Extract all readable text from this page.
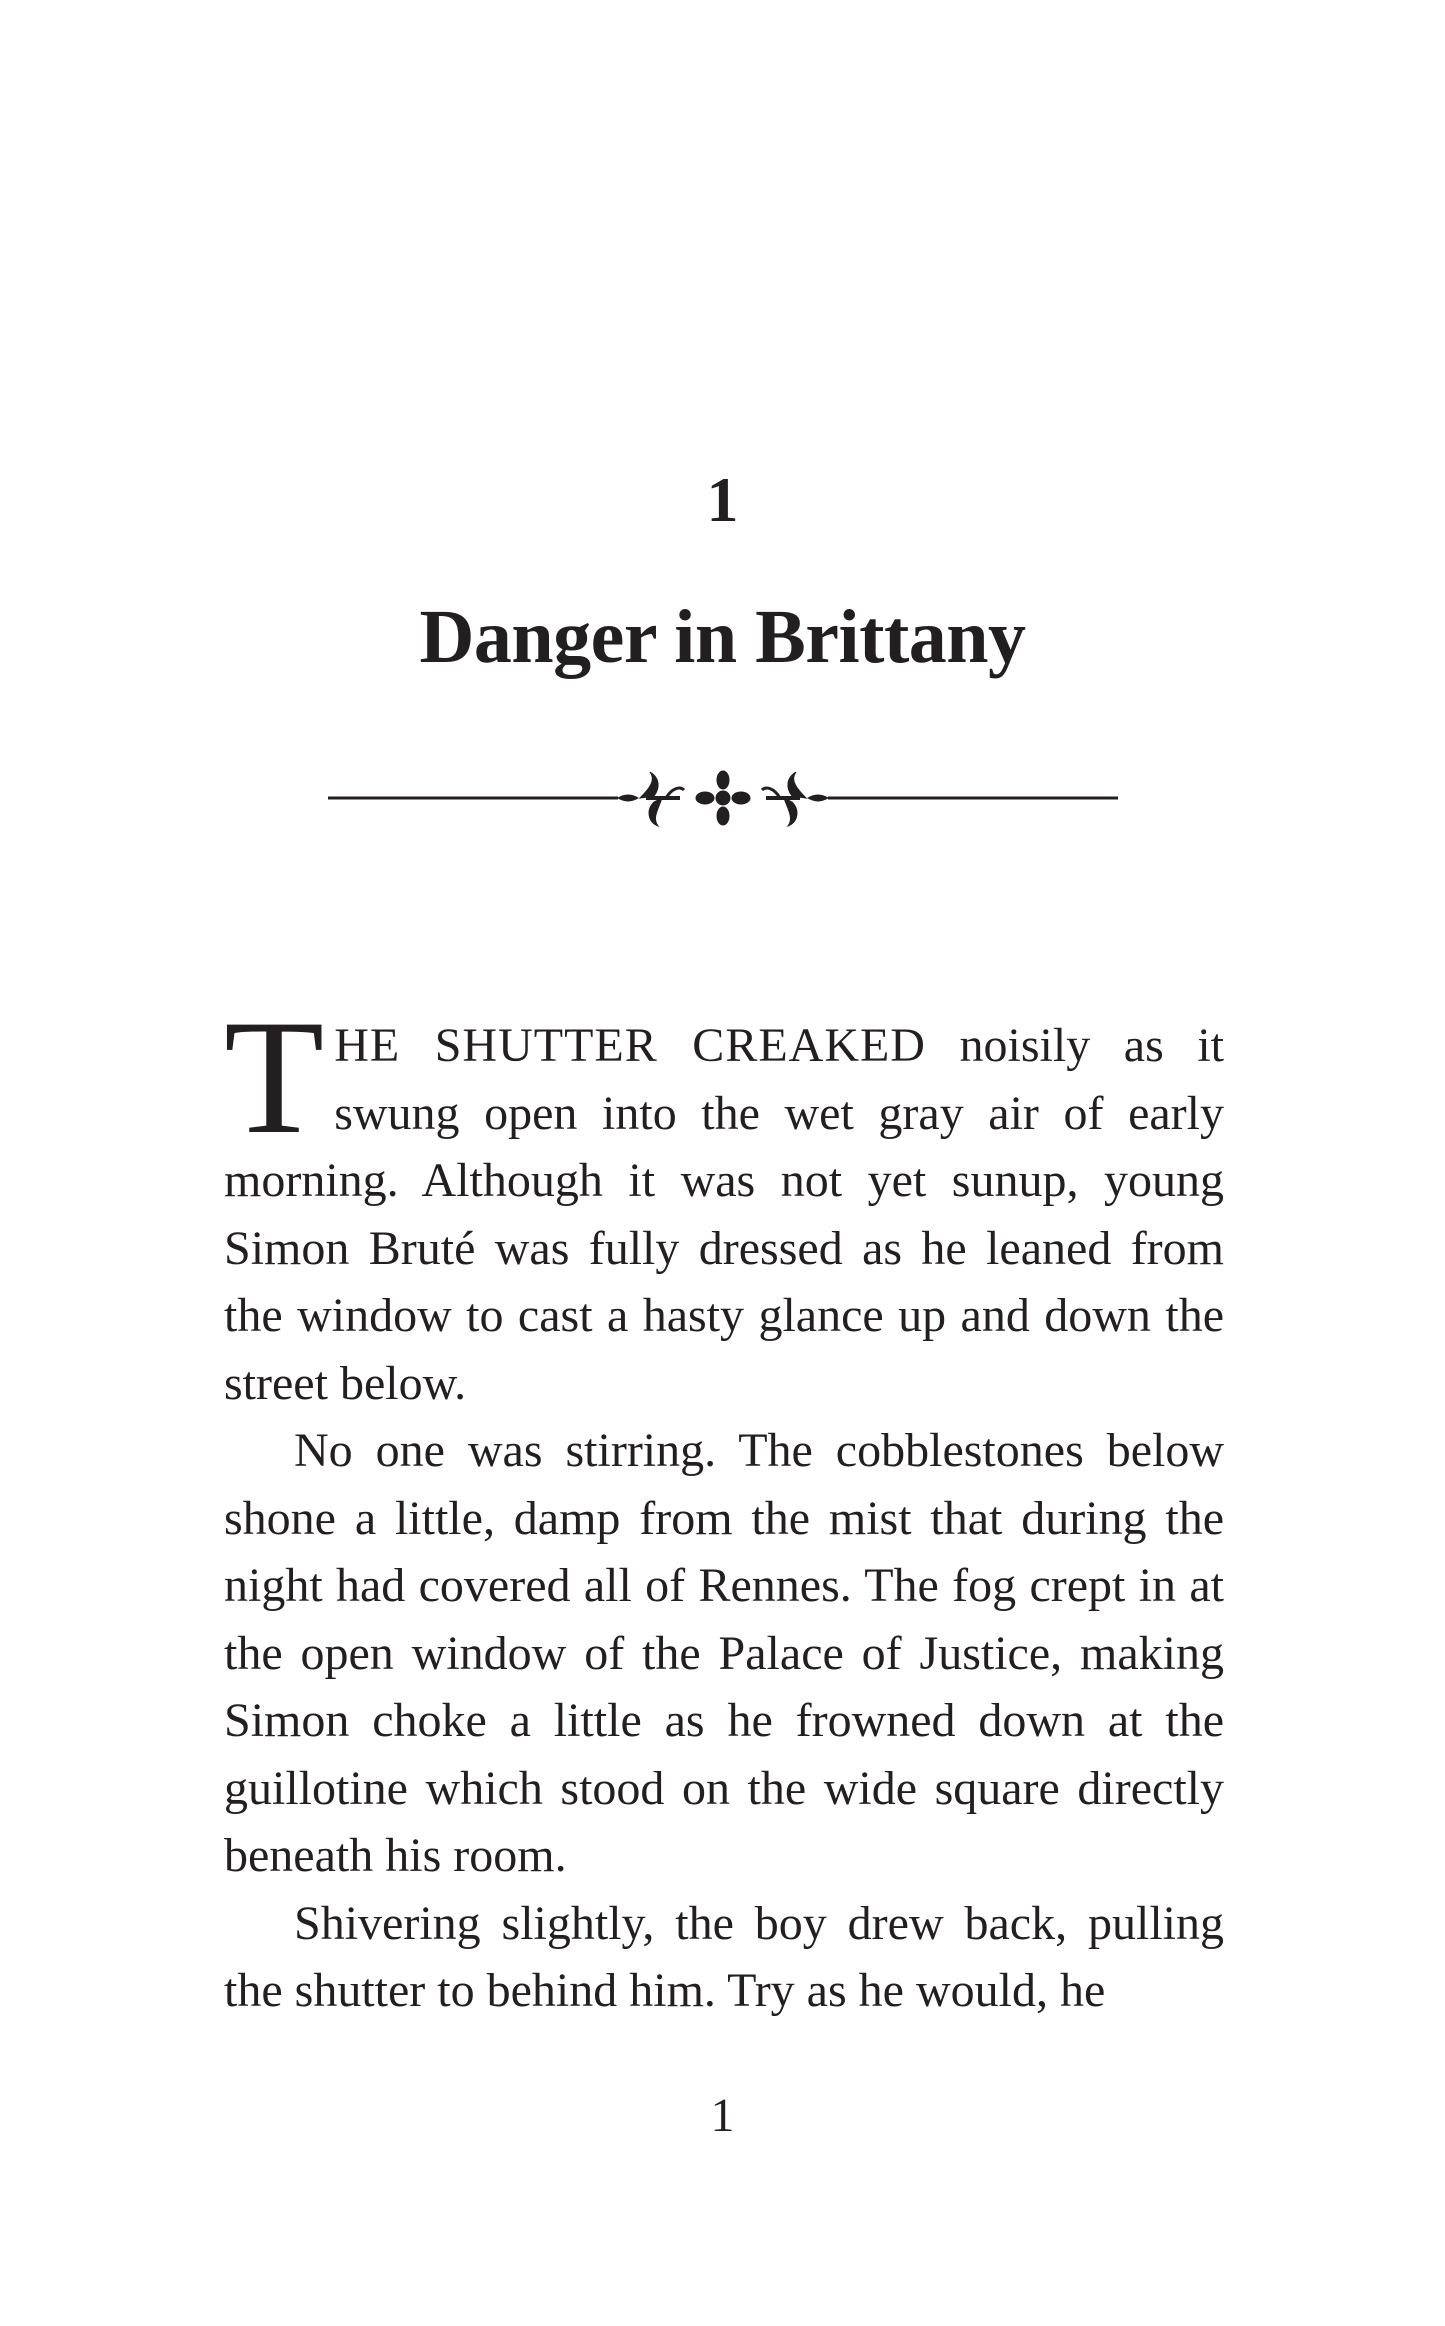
1
Danger in Brittany

THE SHUTTER CREAKED noisily as it swung open into the wet gray air of early morning. Although it was not yet sunup, young Simon Bruté was fully dressed as he leaned from the window to cast a hasty glance up and down the street below.

No one was stirring. The cobblestones below shone a little, damp from the mist that during the night had covered all of Rennes. The fog crept in at the open window of the Palace of Justice, making Simon choke a little as he frowned down at the guillotine which stood on the wide square directly beneath his room.

Shivering slightly, the boy drew back, pulling the shutter to behind him. Try as he would, he

1
